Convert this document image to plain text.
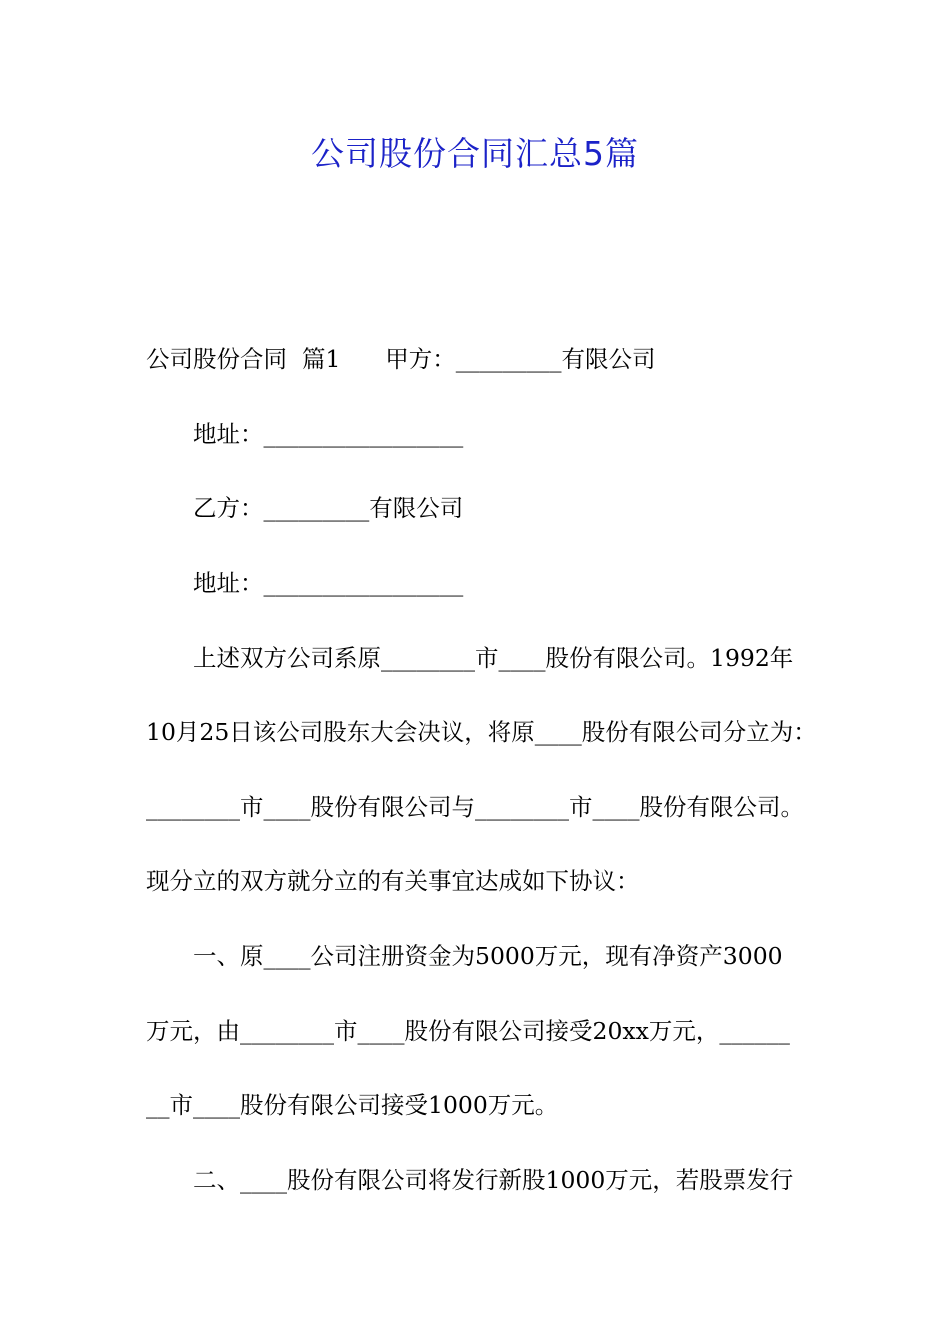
公司股份合同汇总5篇

公司股份合同  篇1      甲方：_________有限公司

地址：_________________

乙方：_________有限公司

地址：_________________

上述双方公司系原________市____股份有限公司。1992年

10月25日该公司股东大会决议，将原____股份有限公司分立为：

________市____股份有限公司与________市____股份有限公司。

现分立的双方就分立的有关事宜达成如下协议：

一、原____公司注册资金为5000万元，现有净资产3000

万元，由________市____股份有限公司接受20xx万元，______

__市____股份有限公司接受1000万元。

二、____股份有限公司将发行新股1000万元，若股票发行
